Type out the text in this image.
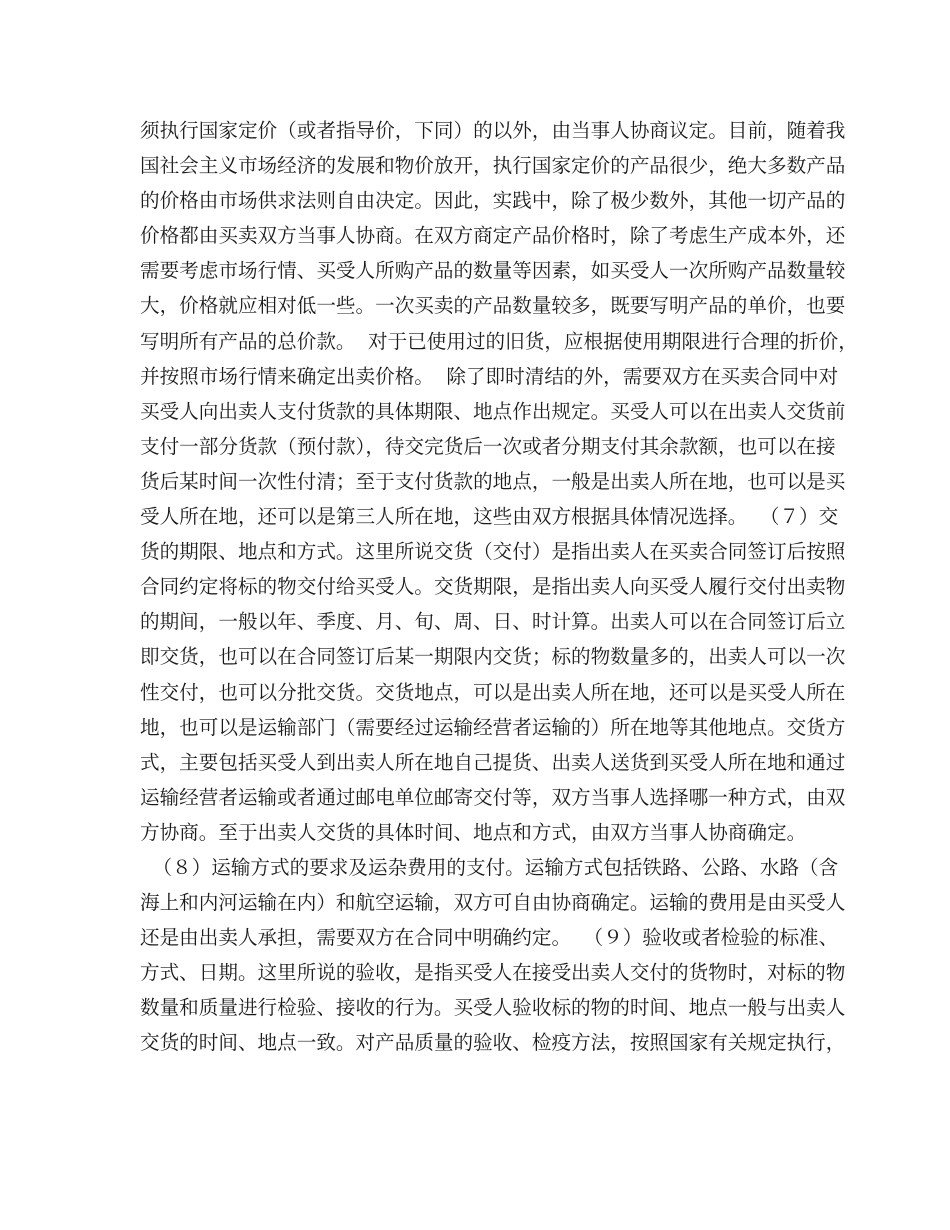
须执行国家定价（或者指导价，下同）的以外，由当事人协商议定。目前，随着我
国社会主义市场经济的发展和物价放开，执行国家定价的产品很少，绝大多数产品
的价格由市场供求法则自由决定。因此，实践中，除了极少数外，其他一切产品的
价格都由买卖双方当事人协商。在双方商定产品价格时，除了考虑生产成本外，还
需要考虑市场行情、买受人所购产品的数量等因素，如买受人一次所购产品数量较
大，价格就应相对低一些。一次买卖的产品数量较多，既要写明产品的单价，也要
写明所有产品的总价款。  对于已使用过的旧货，应根据使用期限进行合理的折价，
并按照市场行情来确定出卖价格。  除了即时清结的外，需要双方在买卖合同中对
买受人向出卖人支付货款的具体期限、地点作出规定。买受人可以在出卖人交货前
支付一部分货款（预付款），待交完货后一次或者分期支付其余款额，也可以在接
货后某时间一次性付清；至于支付货款的地点，一般是出卖人所在地，也可以是买
受人所在地，还可以是第三人所在地，这些由双方根据具体情况选择。  （７）交
货的期限、地点和方式。这里所说交货（交付）是指出卖人在买卖合同签订后按照
合同约定将标的物交付给买受人。交货期限，是指出卖人向买受人履行交付出卖物
的期间，一般以年、季度、月、旬、周、日、时计算。出卖人可以在合同签订后立
即交货，也可以在合同签订后某一期限内交货；标的物数量多的，出卖人可以一次
性交付，也可以分批交货。交货地点，可以是出卖人所在地，还可以是买受人所在
地，也可以是运输部门（需要经过运输经营者运输的）所在地等其他地点。交货方
式，主要包括买受人到出卖人所在地自己提货、出卖人送货到买受人所在地和通过
运输经营者运输或者通过邮电单位邮寄交付等，双方当事人选择哪一种方式，由双
方协商。至于出卖人交货的具体时间、地点和方式，由双方当事人协商确定。
（８）运输方式的要求及运杂费用的支付。运输方式包括铁路、公路、水路（含
海上和内河运输在内）和航空运输，双方可自由协商确定。运输的费用是由买受人
还是由出卖人承担，需要双方在合同中明确约定。  （９）验收或者检验的标准、
方式、日期。这里所说的验收，是指买受人在接受出卖人交付的货物时，对标的物
数量和质量进行检验、接收的行为。买受人验收标的物的时间、地点一般与出卖人
交货的时间、地点一致。对产品质量的验收、检疫方法，按照国家有关规定执行，
